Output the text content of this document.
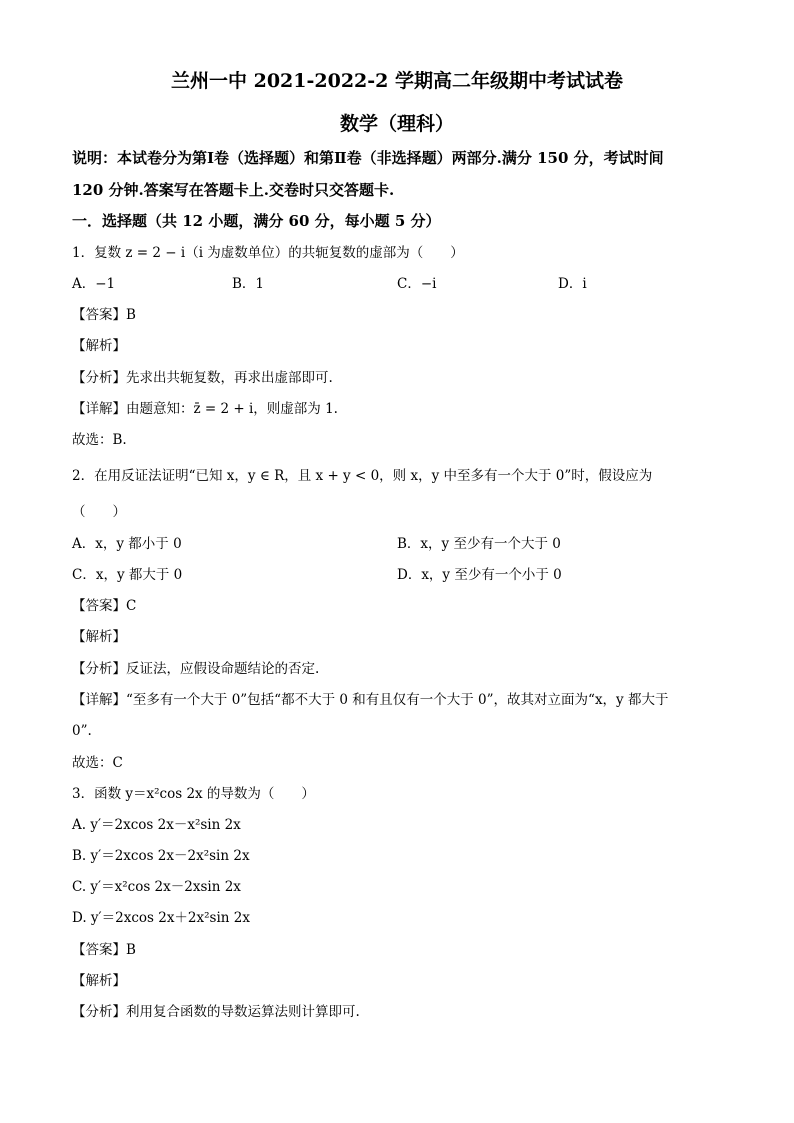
兰州一中 2021-2022-2 学期高二年级期中考试试卷
数学（理科）
说明：本试卷分为第Ⅰ卷（选择题）和第Ⅱ卷（非选择题）两部分.满分 150 分，考试时间
120 分钟.答案写在答题卡上.交卷时只交答题卡.
一．选择题（共 12 小题，满分 60 分，每小题 5 分）
1．复数 z = 2 − i（i 为虚数单位）的共轭复数的虚部为（　　）
A．−1	B．1	C．−i	D．i
【答案】B
【解析】
【分析】先求出共轭复数，再求出虚部即可.
【详解】由题意知：z̄ = 2 + i，则虚部为 1.
故选：B.
2．在用反证法证明“已知 x，y ∈ R，且 x + y < 0，则 x，y 中至多有一个大于 0”时，假设应为
（　　）
A．x，y 都小于 0	B．x，y 至少有一个大于 0
C．x，y 都大于 0	D．x，y 至少有一个小于 0
【答案】C
【解析】
【分析】反证法，应假设命题结论的否定.
【详解】“至多有一个大于 0”包括“都不大于 0 和有且仅有一个大于 0”，故其对立面为“x，y 都大于
0”.
故选：C
3．函数 y＝x²cos 2x 的导数为（　　）
A. y′＝2xcos 2x－x²sin 2x
B. y′＝2xcos 2x－2x²sin 2x
C. y′＝x²cos 2x－2xsin 2x
D. y′＝2xcos 2x＋2x²sin 2x
【答案】B
【解析】
【分析】利用复合函数的导数运算法则计算即可.
